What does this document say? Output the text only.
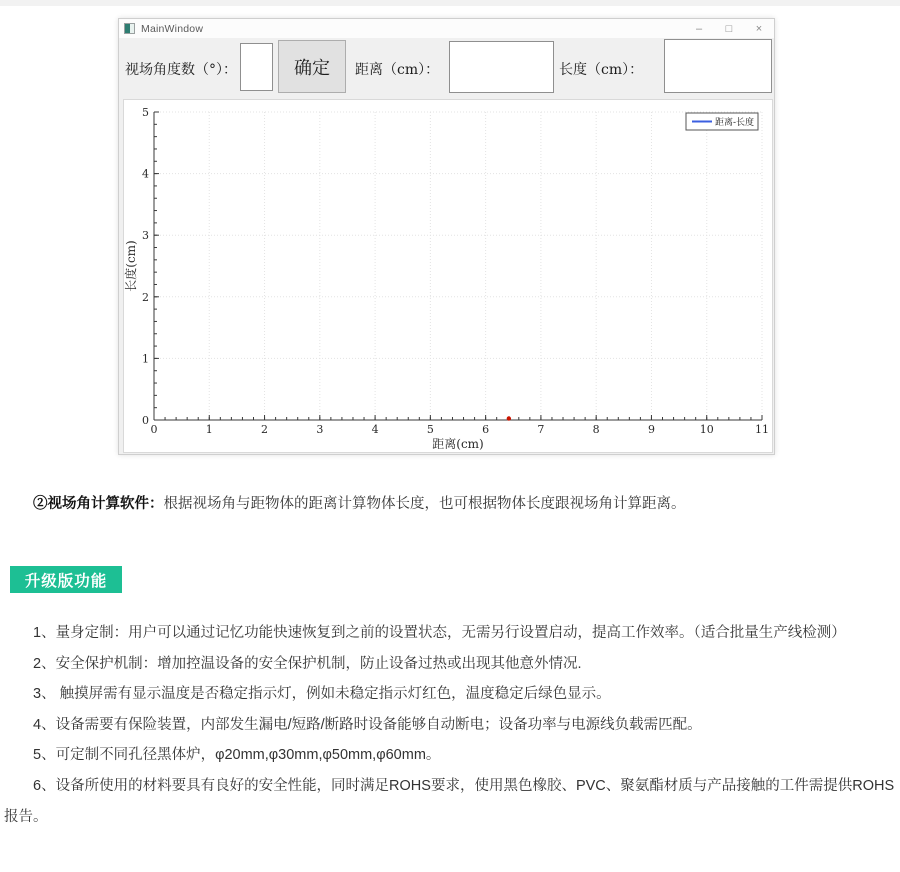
MainWindow	–	□	×
视场角度数（°）：	确定	距离（cm）：	长度（cm）：
0	1	2	3	4	5	6	7	8	9	10	11
0
1
2
3
4
5
距离(cm)
长度(cm)
距离-长度

②视场角计算软件：根据视场角与距物体的距离计算物体长度，也可根据物体长度跟视场角计算距离。

升级版功能

1、量身定制：用户可以通过记忆功能快速恢复到之前的设置状态，无需另行设置启动，提高工作效率。（适合批量生产线检测）

2、安全保护机制：增加控温设备的安全保护机制，防止设备过热或出现其他意外情况.

3、 触摸屏需有显示温度是否稳定指示灯，例如未稳定指示灯红色，温度稳定后绿色显示。

4、设备需要有保险装置，内部发生漏电/短路/断路时设备能够自动断电；设备功率与电源线负载需匹配。

5、可定制不同孔径黑体炉，φ20mm,φ30mm,φ50mm,φ60mm。

6、设备所使用的材料要具有良好的安全性能，同时满足ROHS要求，使用黑色橡胶、PVC、聚氨酯材质与产品接触的工件需提供ROHS报告。
